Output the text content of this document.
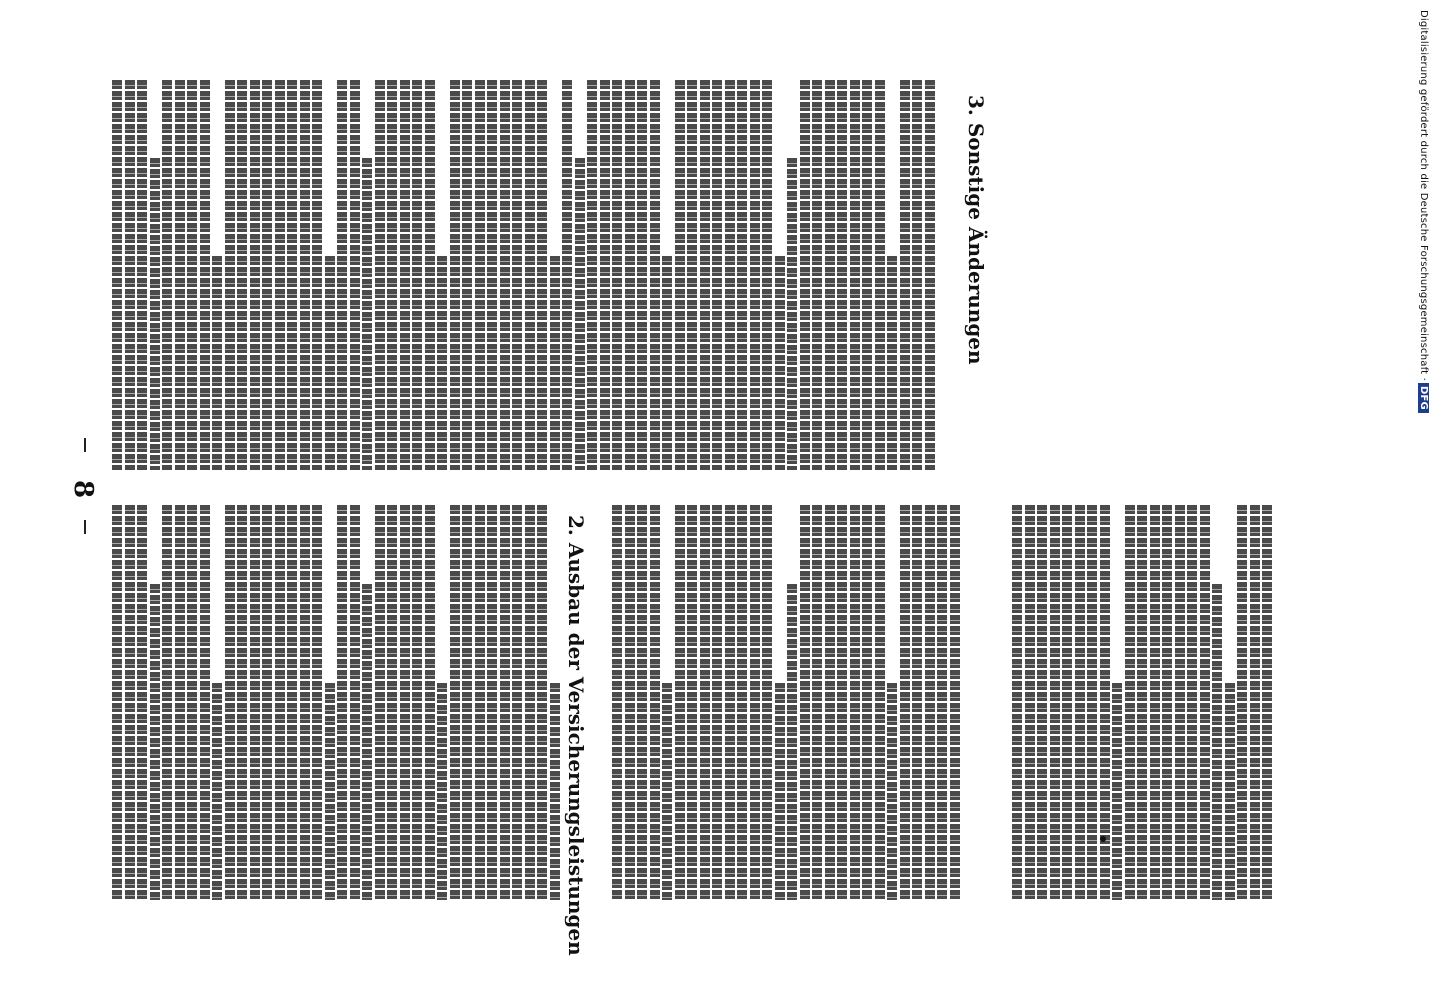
8
2. Ausbau der Versicherungsleistungen
3. Sonstige Änderungen	Digitalisierung gefördert durch die Deutsche Forschungsgemeinschaft ·DFG
